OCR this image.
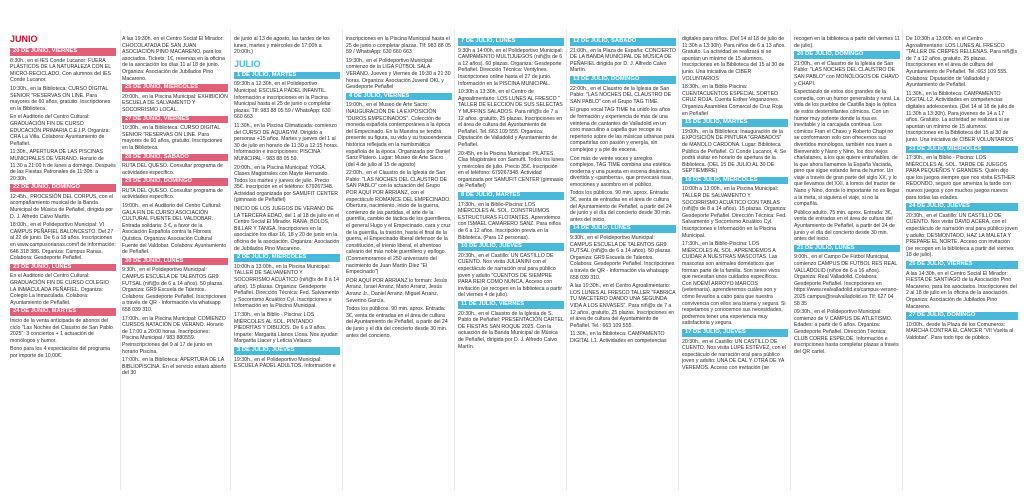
JUNIO
20 DE JUNIO, VIERNES

8:30h., en el IES Conde Lucanor: FUERA PLÁSTICOS DE LA NATURALEZA CON EL MICRO-RECICLADO. Con alumnos del IES Conde Lucanor.

10:30h., en la Biblioteca: CURSO DIGITAL SENIOR "RESERVAS ON LINE. Para mayores de 60 años, gratuito. Inscripciones en la Biblioteca.

En el Auditorio del Centro Cultural: GRADUACIÓN FIN DE CURSO EDUCACIÓN PRIMARIA C.E.I.P. Organiza: CRA La Villa. Colabora: Ayuntamiento de Peñafiel.

11:30h., APERTURA DE LAS PISCINAS MUNICIPALES DE VERANO. Horario de 11:30 a 21:00 h de lunes a domingo. Después de las Fiestas Patronales de 11:30h. a 20:30h.

22 DE JUNIO, DOMINGO

12:45h., PROCESIÓN DEL CORPUS, con el acompañamiento musical de la Banda Municipal de Música de Peñafiel, dirigida por D. J. Alfredo Calvo Martín.

18:00h., en el Polideportivo Municipal: VI CAMPUS PEÑAFIEL BALONCESTO. Del 27 al 22 de junio. De 6 a 18 años. Inscripciones en www.campusorianas.com/f de información: 646 318 386. Organiza: Campus Ranas. Colabora: Gesdeporte Peñafiel.

23 DE JUNIO, LUNES

En el Auditorio del Centro Cultural: GRADUACIÓN FIN DE CURSO COLEGIO LA INMACULADA PEÑAFIEL. Organiza: Colegio La Inmaculada. Colabora: Ayuntamiento de Peñafiel.

24 DE JUNIO, MARTES

Inicio de la venta anticipada de abonos del ciclo "Las Noches del Claustro de San Pablo 2025": 3 conciertos + 1 actuación de monólogos y humor.

Bono para los 4 espectáculos del programa por importe de 10,00€.

A las 19:30h. en el Centro Social El Mirador: CHOCOLATADA DE SAN JUAN ASOCIACIÓN PINO MACARENO, para los asociados. Tickets: 1€, reservas en la oficina de la asociación los días 11 al 18 de junio. Organiza: Asociación de Jubilados Pino Macareno.

25 DE JUNIO, MIÉRCOLES

20:00h., en la Piscina Municipal: EXHIBICIÓN ESCUELA DE SALVAMENTO Y SOCORRISMO LOCAL.

27 DE JUNIO, VIERNES

10:30h., en la Biblioteca: CURSO DIGITAL SENIOR "RESERVAS ON LINE. Para mayores de 60 años, gratuito. Inscripciones en la Biblioteca.

28 DE JUNIO, SÁBADO

RUTA DEL QUESO. Consultar programa de actividades específico.

29 DE JUNIO, DOMINGO

RUTA DEL QUESO. Consultar programa de actividades específico.

19:00h., en el Auditorio del Centro Cultural: GALA FIN DE CURSO ASOCIACIÓN CULTURAL FUENTE DEL VALDOBAR. Entrada solidaria: 3 €, a favor de la Asociación Española contra la Fibrosis Quística. Organiza: Asociación Cultural Fuente del Valdobar. Colabora: Ayuntamiento de Peñafiel.

30 DE JUNIO, LUNES

9:30h., en el Polideportivo Municipal: CAMPUS ESCUELA DE TALENTOS GR9 FUTSAL (niñ@s de 6 a 14 años). 50 plazas. Organiza: GR9 Escuela de Talentos. Colabora: Gesdeporte Peñafiel. Inscripciones a través de QR - Información vía whatsapp 658 039 310.

17:00h., en la Piscina Municipal: COMIENZO CURSOS NATACIÓN DE VERANO. Horario de 17:00 a 20:00 horas. Inscripciones: Piscina Municipal / 983 880559. Preinscripciones del 9 al 17 de junio en horario Piscina.

17:00h., en la Biblioteca: APERTURA DE LA BIBLIOPISCINA. En el servicio estará abierto del 30

de junio al 13 de agosto, las tardes de los lunes, martes y miércoles de 17:00h a 20:00h.)

JULIO
1 DE JULIO, MARTES

09:30h a 12:30h, en el Polideportivo Municipal: ESCUELA PÁDEL INFANTIL. Información e inscripciones en la Piscina Municipal hasta el 25 de junio o completar plazas. Tlf: 983 88 05 59 / WhatsApp: 630 660 663

11:30h., en la Piscina Climatizada: comienzo del CURSO DE AQUAGYM. Dirigido a personas +15 años. Martes y jueves del 1 al 30 de julio en horario de 11:30 a 12:15 horas. Información e inscripciones: PISCINA MUNICIPAL - 983 88 05 59.

20:00h., en la Piscina Municipal: YOGA. Clases Magistrales con Mayte Hernando. Todos los martes y jueves de julio. Precio 35€. Inscripción en el teléfono: 679267348. Actividad organizada por SAMUFIT CENTER (gimnasio de Peñafiel)

INICIO DE LOS JUEGOS DE VERANO DE LA TERCERA EDAD, del 1 al 18 de julio en el Centro Social El Mirador. RANA, BOLOS, BILLAR Y TANGA. Inscripciones en la asociación los días 16, 18 y 20 de junio en la oficina de la asociación. Organiza: Asociación de Jubilados Pino Macareno.

2 DE JULIO, MIÉRCOLES

10:00h a 13:00h., en la Piscina Municipal: TALLER DE SALVAMENTO Y SOCORRISMO ACUÁTICO (niñ@s de 8 a 14 años). 15 plazas. Organiza: Gesdeporte Peñafiel. Dirección Técnica: Fed. Salvamento y Socorrismo Acuático Cyl. Inscripciones e Información en la Piscina Municipal.

17:30h., en la Biblio - Piscina: LOS MIÉRCOLES AL SOL. PINTANDO PIEDRITAS Y DIBUJOS. De 6 a 9 años. Imparte: Margarita Llanos Llosa. Nos ayudan Margarita Llacer y Leticia Velasco

3 DE JULIO, JUEVES

19:30h., en el Polideportivo Municipal: ESCUELA PÁDEL ADULTOS. Información e

inscripciones en la Piscina Municipal hasta el 25 de junio o completar plazas. Tlf: 983 88 05 59 / WhatsApp: 630 660 663

19:30h., en el Polideportivo Municipal: comienzo de la LIGA FÚTBOL SALA VERANO. Jueves y Viernes de 19:30 a 21:30 horas. Organiza: Asociación Juvenil OKL y Gesdeporte Peñafiel

4 DE JULIO, VIERNES

19:00h., en el Museo de Arte Sacro: INAUGURACIÓN DE LA EXPOSICIÓN "DUROS EMPECINADOS". Colección de moneda española contemporánea a la época del Empecinado. En la Muestra se tendrá presente su figura, su vida y su trascendencia histórica reflejada en la numismática española de la época. Organizada por Daniel Sanz Platero. Lugar: Museo de Arte Sacro (del 4 de julio al 15 de agosto)

22:00h., en el Claustro de la Iglesia de San Pablo: "LAS NOCHES DEL CLAUSTRO DE SAN PABLO" con la actuación del Grupo POR AQUÍ POR ARRIANZ, con el espectáculo ROMANCE DEL EMPECINADO. Obertura, nacimiento, inicio de la guerra, comienzo de las partidas, el arte de la guerrilla, cambio de táctica de los guerrilleros, el general Hugo y el Empecinado, cara y cruz de la guerrilla, la traición, hasta el final de la guerra, el Empecinado liberal defensor de la constitución, el trienio liberal, el afrentoso calvario del más noble guerrillero y epílogo. (Conmemoramos el 250 aniversario del nacimiento de Juan Martín Díez "El Empecinado")

POR AQUÍ POR ARRIANZ lo forman: Jesús Arranz, Israel Arranz, Mario Arranz, Jesús Arranz Jr., Daniel Arranz, Miguel Arranz, Severino García.

Todos los públicos. 90 min. aprox. Entrada: 3€, venta de entradas en el área de cultura del Ayuntamiento de Peñafiel, a partir del 24 de junio y el día del concierto desde 30 min. antes del concierto.

7 DE JULIO, LUNES

9:30h a 14:00h, en el Polideportivo Municipal: CAMPAMENTO MULTIJUEGOS (niñ@s de 6 a 12 años). 60 plazas. Organiza: Gesdeporte Peñafiel. Dirección Técnica: VentyInes. Inscripciones online hasta el 27 de junio. Información en la PISCINA MUNICIPAL.

10:30h a 13:30h, en el Centro de Agroalimentario: LOS LUNES AL FRESCO " TALLER DE ELECCIÓN DE SUS SELECTAS Y MUFFINS SALADOS. Para niñ@s de 7 a 12 años. gratuito, 25 plazas. Inscripciones en el área de cultura del Ayuntamiento de Peñafiel. Tel.:663 109 555. Organiza: Diputación de Valladolid y Ayuntamiento de Peñafiel.

20:45h, en la Piscina Municipal: PILATES. Clas Magistrales con Samufit. Todos los lunes y miércoles de julio. Precio 35€. Inscripción en el teléfono: 679267348. Actividad organizada por SAMUFIT CENTER (gimnasio de Peñafiel)

8 DE JULIO, MARTES

17:30h., en la Biblio-Piscina: LOS MIÉRCOLES AL SOL. CONSTRUIMOS ESTRUCTURAS FLOTANTES. Aprendemos con ISMAEL CAMARERO SANZ. Para niños de 6 a 12 años. Inscripción previa en la Biblioteca. (Para 12 personas).

10 DE JULIO, JUEVES

20:30h., en el Castillo: UN CASTILLO DE CUENTO. Nos visita JULIANINI con el espectáculo de narración oral para público joven y adulto "CUENTOS DE SIEMPRE PARA REIR COMO NUNCA. Acceso con invitación (se recogen en la biblioteca a partir del viernes 4 de julio).

11 DE JULIO, VIERNES

20:30h., en el Claustro de la Iglesia de S. Pablo de Peñafiel: PRESENTACIÓN CARTEL DE FIESTAS SAN ROQUE 2025. Con la actuación de la Banda Municipal de Música de Peñafiel, dirigida por D. J. Alfredo Calvo Martín.

12 DE JULIO, SÁBADO

21:00h., en la Plaza de España: CONCIERTO DE LA BANDA MUNICIPAL DE MÚSICA DE PEÑAFIEL dirigida por D. J. Alfredo Calvo Martín.

13 DE JULIO, DOMINGO

22:00h., en el Claustro de la Iglesia de San Pablo: "LAS NOCHES DEL CLAUSTRO DE SAN PABLO" con el Grupo TAG TIME.

El grupo vocal TAG TIME ha unido los años de formación y experiencia de más de una veintena de cantantes de Valladolid en un coro masculino a capella que recoge su repertorio sobre de las músicas urbanas para compartirlas con pasión y energía, sin complejos y a pie de escena.

Con más de veinte voces y arreglos complejos, TAG TIME combina una estética moderna y una puesta en escena dinámica, divertida y «gamberra», que provocará risas, emociones y asombro en el público.

Todos los públicos. 90 min. aprox. Entrada: 3€, venta de entradas en el área de cultura del Ayuntamiento de Peñafiel, a partir del 24 de junio y el día del concierto desde 30 min. antes del inicio.

14 DE JULIO, LUNES

9:30h., en el Polideportivo Municipal: CAMPUS ESCUELA DE TALENTOS GR9 FUTSAL (niñ@s de 6 a 14 años). 50 plazas. Organiza: GR9 Escuela de Talentos. Colabora: Gesdeporte Peñafiel. Inscripciones a través de QR - Información vía whatsapp 658 039 310.

A las 10:30h., en el Centro Agroalimentario: LOS LUNES AL FRESCO TALLER "FABRICA TU MACETERO DANDO UNA SEGUNDA VIDA A LOS ENVASES". Para niñ@s de 7 a 12 años, gratuito, 25 plazas. Inscripciones en el área de cultura del Ayuntamiento de Peñafiel. Tel.: 663 109 555.

11:30h., en la Biblioteca: CAMPAMENTO DIGITAL L1. Actividades en competencias

digitales para niños. (Del 14 al 18 de julio de 11:30h a 13:30h). Para niños de 6 a 13 años. Gratuito. La actividad se realizará si se apuntan un mínimo de 15 alumnos. Inscripciones en la Biblioteca del 15 al 30 de junio. Una iniciativa de CIBER VOLUNTARIOS

18:30h., en la Biblio Piscina: CUENTACUENTOS ESPECIAL SORTEO CRUZ ROJA. Cuenta Esther Veganzones. Organiza Asamblea Comarcal de Cruz Roja en Peñafiel

15 DE JULIO, MARTES

19:00h., en la Biblioteca: Inauguración de la EXPOSICIÓN DE PINTURA "GRABADOS" de MANOLO CARDONA. Lugar: Biblioteca Pública de Peñafiel. C/ Conde Lucanor, 4. Se podrá visitar en horario de apertura de la Biblioteca. (DEL 15 DE JULIO AL 30 DE SEPTIEMBRE)

16 DE JULIO, MIÉRCOLES

10:00h a 13:00h., en la Piscina Municipal: TALLER DE SALVAMENTO Y SOCORRISMO ACUÁTICO CON TABLAS (niñ@s de 8 a 14 años). 15 plazas. Organiza: Gesdeporte Peñafiel. Dirección Técnica: Fed. Salvamento y Socorrismo Acuático Cyl. Inscripciones e Información en la Piscina Municipal.

17:30h., en la Biblio-Piscina: LOS MIÉRCOLES AL SOL. APRENDEMOS A CUIDAR A NUESTRAS MASCOTAS. Las mascotas son animales domésticos que forman parte de la familia. Son seres vivos que necesitan unos cuidados específicos. Con NOÉMÍ ARROYO MARCOS (veterinaria), aprenderemos cuáles son y cómo llevarlos a cabo para que nuestra convivencia con ellos sea buena y segura. Si respetamos y conocemos sus necesidades, podremos tener una experiencia muy satisfactoria y segura.

17 DE JULIO, JUEVES

20:30h., en el Castillo: UN CASTILLO DE CUENTO. Nos visita LUPE ESTÉVEZ, con el espectáculo de narración oral para público joven y adulto: UNA DE CAL Y OTRA DE YA VEREMOS. Acceso con invitación (se

recogen en la biblioteca a partir del viernes 11 de julio).

20 DE JULIO, DOMINGO

21:00h., en el Claustro de la Iglesia de San Pablo: "LAS NOCHES DEL CLAUSTRO DE SAN PABLO" con MONÓLOGOS DE CHAVO y CHAPI.

Espectáculo de estos dos grandes de la comedia, con un humor generalista y rural. La vida de los pueblos de Castilla bajo la óptica de estos desternillantes cómicos. Con un humor muy potente donde la risa es inevitable y la carcajada continua. Los cómicos Fran el Chavo y Roberto Chapi no se conformaron solo con ofrecernos sus divertidos monólogos, también nos traen a Bienvenido y Nano y Nino, los dos viejos charlatanes, a los que quiere entrañables, de la que ahora llamamos la España Vaciada, pero que sigue estando llena de humor. Un viaje a través de gran parte del siglo XX, y lo que llevamos del XXI, a lomos del tractor de Nano y Nino, donde lo importante no es llegar a la meta, si siguiera el viaje, si no la compañía.

Público adulto. 75 min. aprox. Entrada: 3€, venta de entradas en el área de cultura del Ayuntamiento de Peñafiel, a partir del 24 de junio y el día del concierto desde 30 min. antes del inicio.

21 DE JULIO, LUNES

9:00h., en el Campo De Fútbol Municipal, comienzo CAMPUS DE FÚTBOL RES REAL VALLADOLID (niños de 6 a 16 años). Organiza: Real Valladolid. Colabora: Gesdeporte Peñafiel. Inscripciones en https://www.realvalladolid.es/campus-verano-2025 campus@realvalladolid.es Tlf: 627 04 58 35

09:30h., en el Polideportivo Municipal: comienzo de V CAMPUS DE ATLETISMO. Edades: a partir de 6 años. Organiza: Gesdeporte Peñafiel. Dirección Técnica: CLUB CORRE ESPELDE. Información e inscripciones hasta completar plazas a través del QR cartel.

De 10:30h a 13:00h. en el Centro Agroalimentario: LOS LUNES AL FRESCO "TALLER DE CREPES RELLENAS. Para niñ@s de 7 a 12 años, gratuito, 25 plazas. Inscripciones en el área de cultura del Ayuntamiento de Peñafiel. Tel.:663 109 555. Colabora: Diputación de Valladolid y Ayuntamiento de Peñafiel.

11:30h., en la Biblioteca: CAMPAMENTO DIGITAL L2. Actividades en competencias digitales adolescentes. (Del 14 al 18 de julio de 11:30h a 13:30h). Para jóvenes de 14 a 17 años. Gratuito. La actividad se realizará si se apuntan un mínimo de 15 alumnos. Inscripciones en la Biblioteca del 15 al 30 de junio. Una iniciativa de CIBER VOLUNTARIOS

23 DE JULIO, MIÉRCOLES

17:30h., en la Biblio - Piscina: LOS MIÉRCOLES AL SOL. TARDE DE JUEGOS PARA PEQUEÑOS Y GRANDES. Quién dijo que los juegos siempre que nos visita ESTHER REDONDO, seguro que ameniza la tarde con nuevos juegos y con muchos juegos nuevos para todas las edades.

24 DE JULIO, JUEVES

20:30h., en el Castillo: UN CASTILLO DE CUENTO. Nos visita DAVID ACERA, con el espectáculo de narración oral para público joven y adulto: DESMONTADO, HAZ LA MALETA Y PREPARE EL NORTE. Acceso con invitación (se recogen en la biblioteca a partir del viernes 18 de julio).

25 DE JULIO, VIERNES

A las 14:30h, en el Centro Social El Mirador: FIESTA DE SANTIAGO de la Asociación Pino Macareno, para los asociados. Inscripciones del 2 al 18 de julio en la oficina de la asociación. Organiza: Asociación de Jubilados Pino Macareno.

27 DE JULIO, DOMINGO

10:00h., desde la Plaza de los Comuneros: MARCHA CONTRA EL CÁNCER "VII Vuelta al Valdobar". Para todo tipo de público.
